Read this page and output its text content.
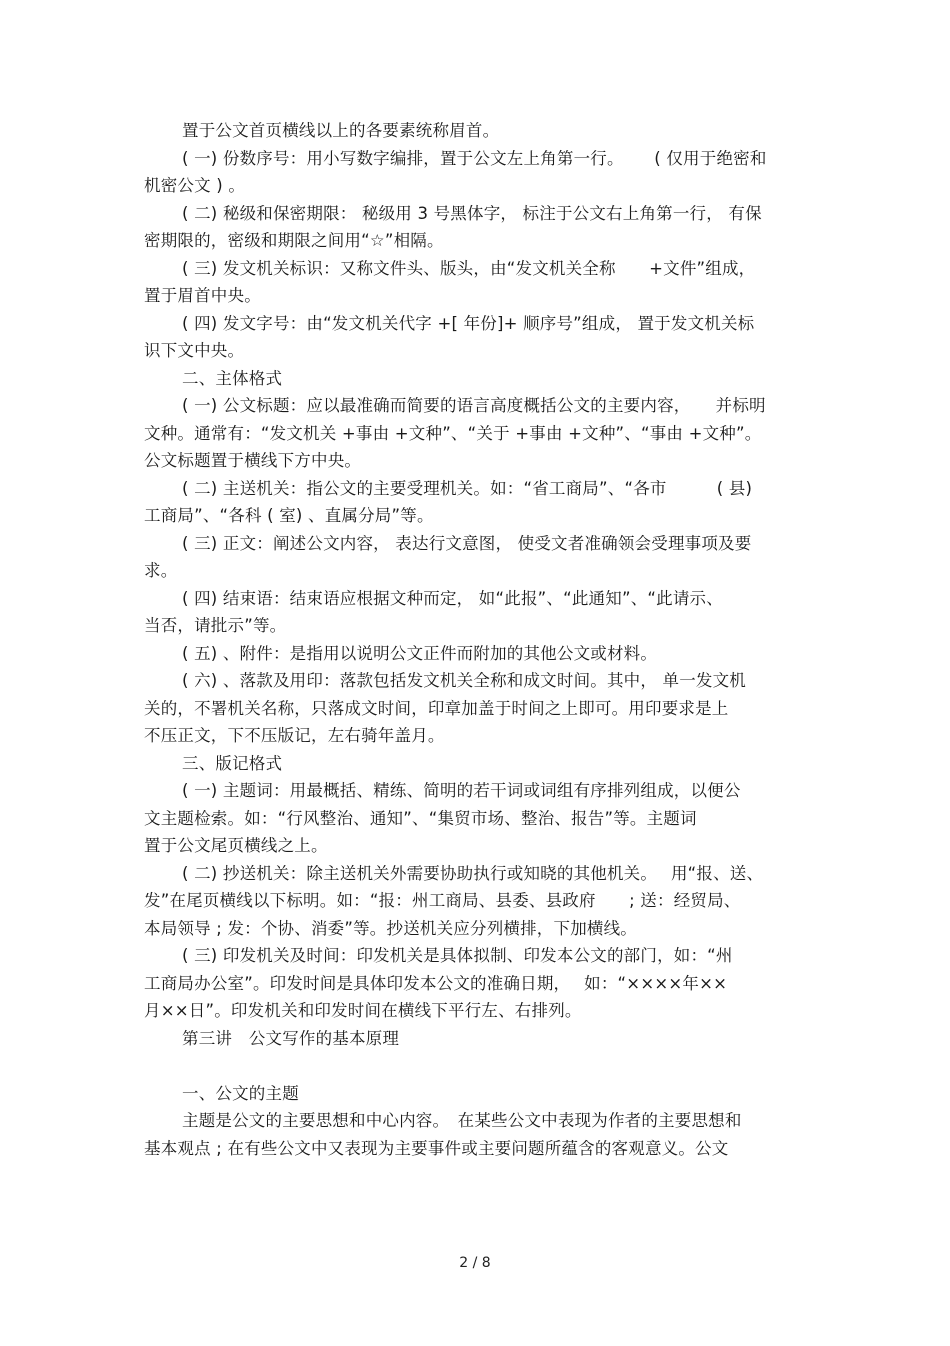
置于公文首页横线以上的各要素统称眉首。
( 一) 份数序号：用小写数字编排，置于公文左上角第一行。　　 ( 仅用于绝密和
机密公文 ) 。
( 二) 秘级和保密期限： 秘级用 3 号黑体字， 标注于公文右上角第一行， 有保
密期限的，密级和期限之间用“☆”相隔。
( 三) 发文机关标识：又称文件头、版头，由“发文机关全称　　+文件”组成，
置于眉首中央。
( 四) 发文字号：由“发文机关代字 +[ 年份]+ 顺序号”组成， 置于发文机关标
识下文中央。
二、主体格式
( 一) 公文标题：应以最准确而简要的语言高度概括公文的主要内容，　　并标明
文种。通常有：“发文机关 +事由 +文种”、“关于 +事由 +文种”、“事由 +文种”。
公文标题置于横线下方中央。
( 二) 主送机关：指公文的主要受理机关。如：“省工商局”、“各市　　　( 县)
工商局”、“各科 ( 室) 、直属分局”等。
( 三) 正文：阐述公文内容， 表达行文意图， 使受文者准确领会受理事项及要
求。
( 四) 结束语：结束语应根据文种而定， 如“此报”、“此通知”、“此请示、
当否，请批示”等。
( 五) 、附件：是指用以说明公文正件而附加的其他公文或材料。
( 六) 、落款及用印：落款包括发文机关全称和成文时间。其中， 单一发文机
关的，不署机关名称，只落成文时间，印章加盖于时间之上即可。用印要求是上
不压正文，下不压版记，左右骑年盖月。
三、版记格式
( 一) 主题词：用最概括、精练、简明的若干词或词组有序排列组成，以便公
文主题检索。如：“行风整治、通知”、“集贸市场、整治、报告”等。主题词
置于公文尾页横线之上。
( 二) 抄送机关：除主送机关外需要协助执行或知晓的其他机关。　 用“报、送、
发”在尾页横线以下标明。如：“报：州工商局、县委、县政府　　; 送：经贸局、
本局领导 ; 发：个协、消委”等。抄送机关应分列横排，下加横线。
( 三) 印发机关及时间：印发机关是具体拟制、印发本公文的部门，如：“州
工商局办公室”。印发时间是具体印发本公文的准确日期，　 如：“××××年××
月××日”。印发机关和印发时间在横线下平行左、右排列。
第三讲　公文写作的基本原理
一、公文的主题
主题是公文的主要思想和中心内容。　在某些公文中表现为作者的主要思想和
基本观点 ; 在有些公文中又表现为主要事件或主要问题所蕴含的客观意义。公文
2 / 8
